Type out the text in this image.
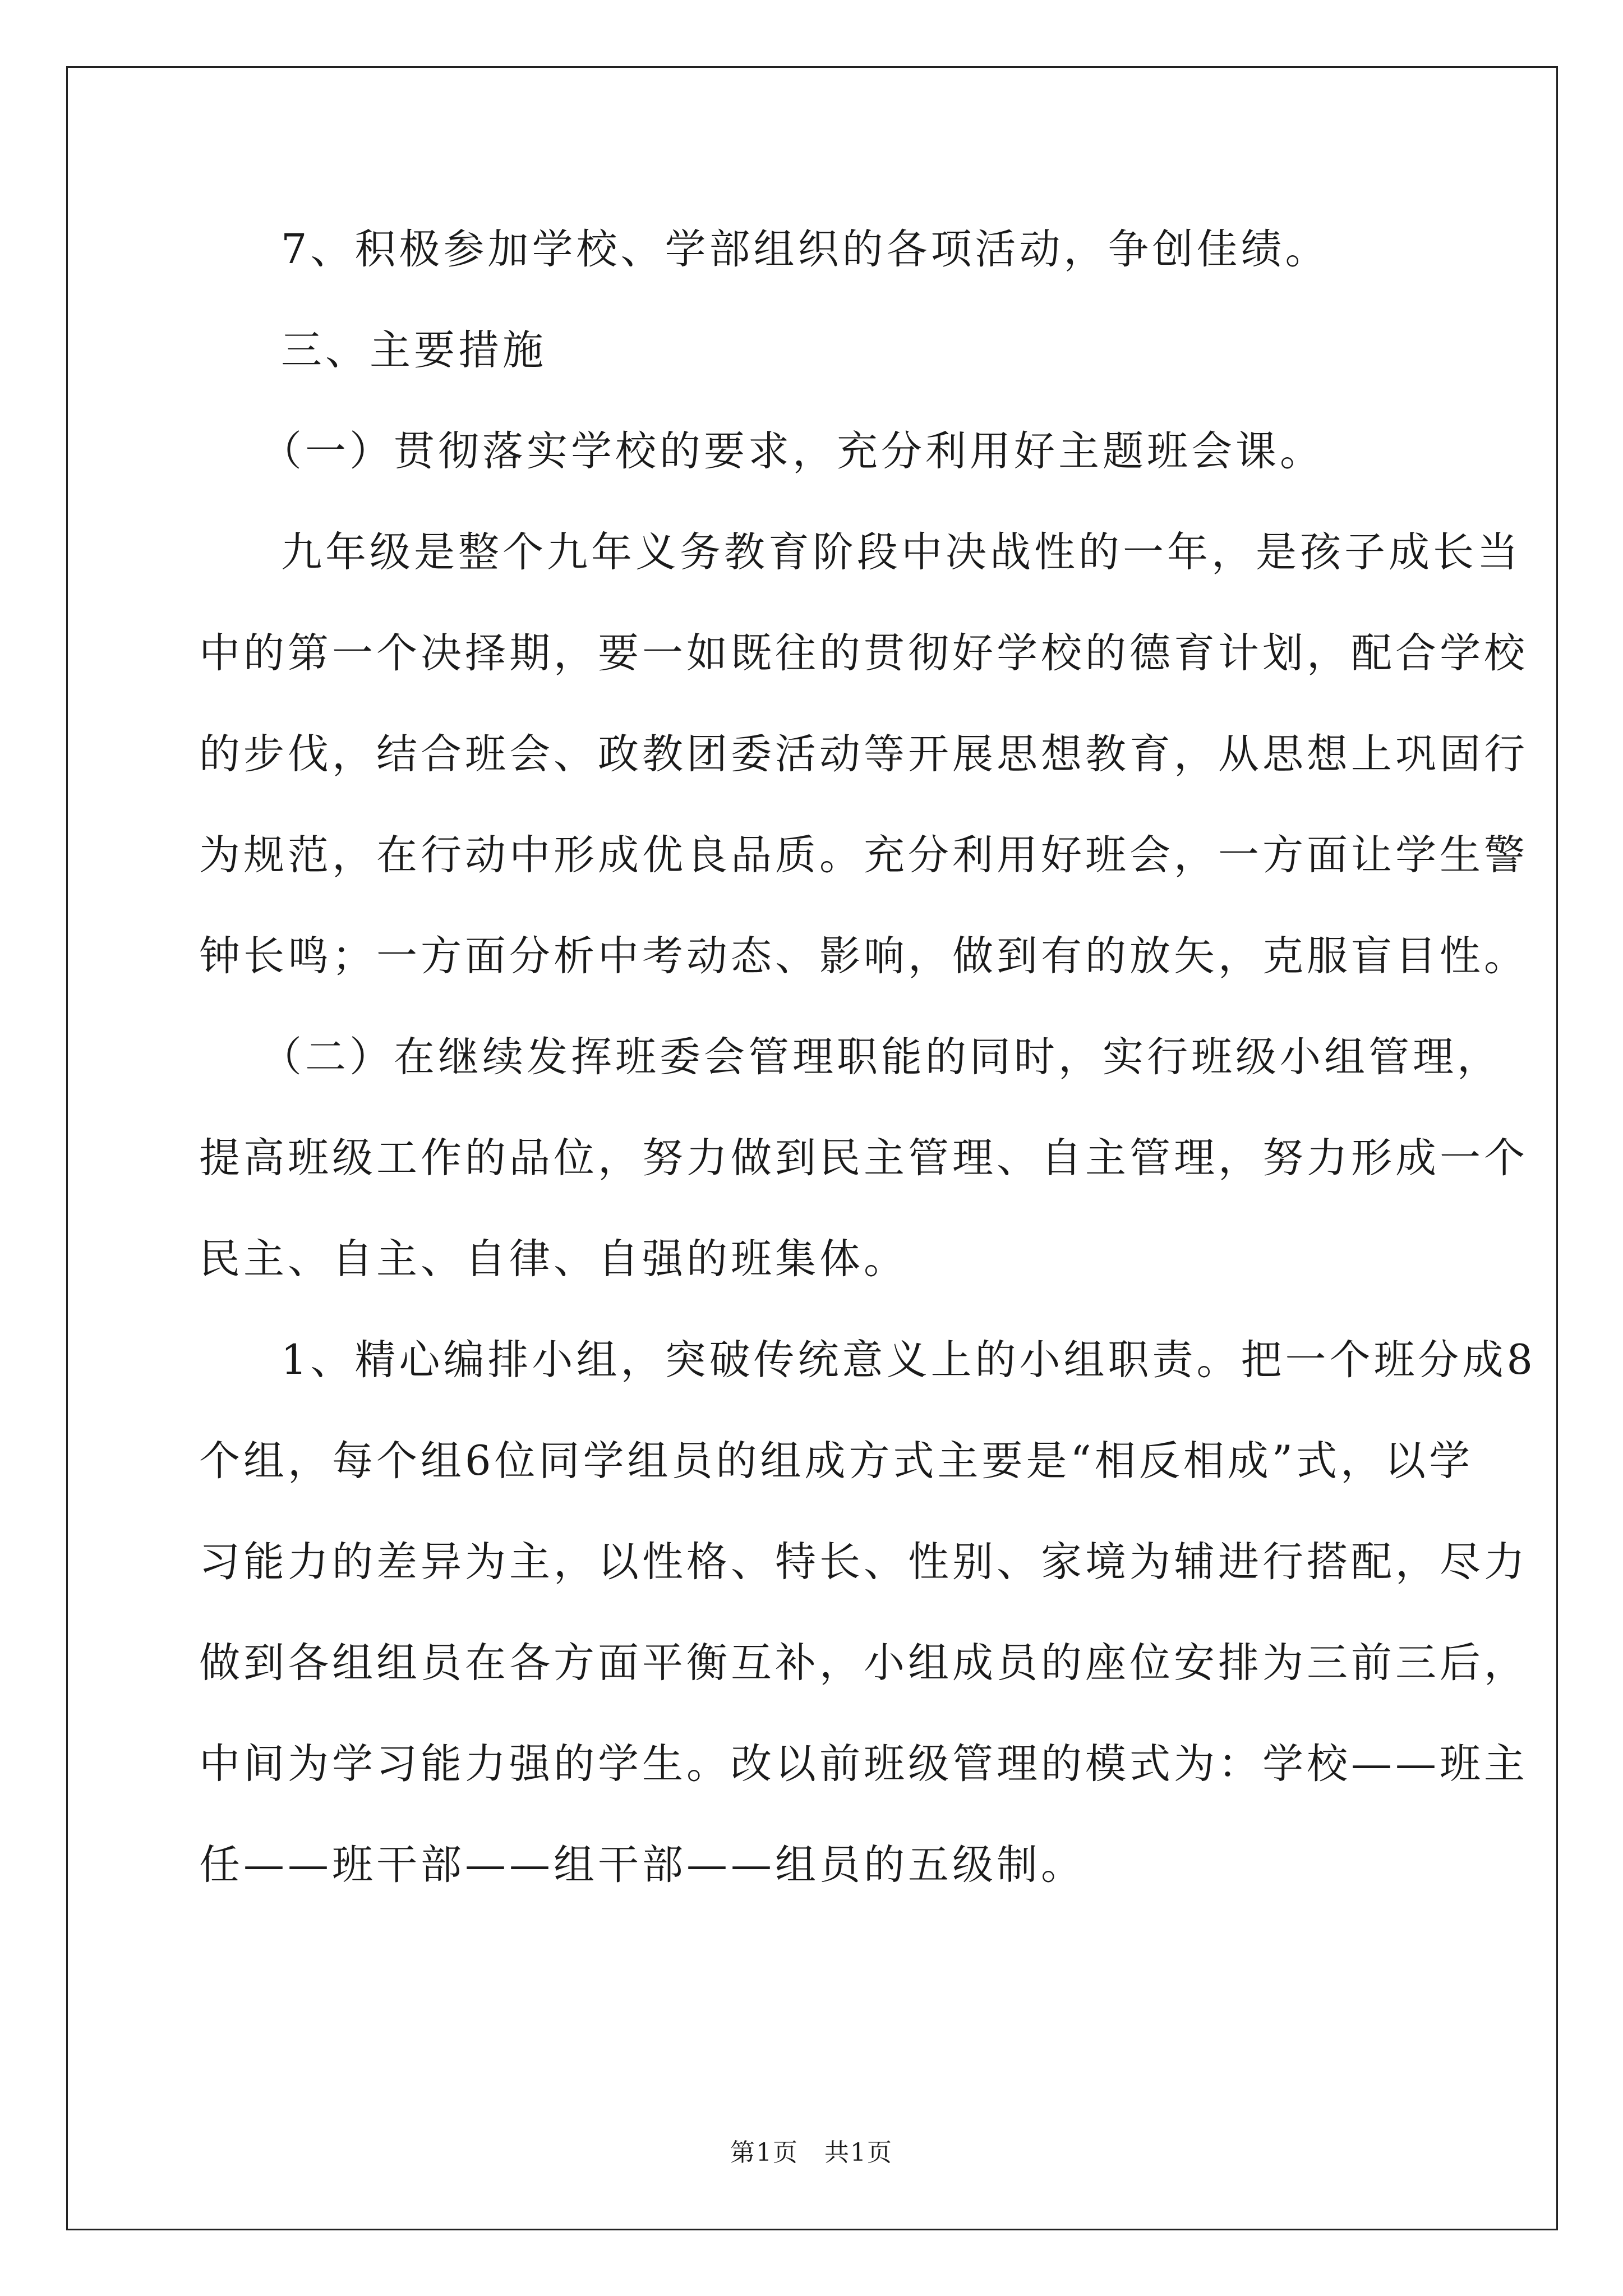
7、积极参加学校、学部组织的各项活动，争创佳绩。
三、主要措施
（一）贯彻落实学校的要求，充分利用好主题班会课。
九年级是整个九年义务教育阶段中决战性的一年，是孩子成长当
中的第一个决择期，要一如既往的贯彻好学校的德育计划，配合学校
的步伐，结合班会、政教团委活动等开展思想教育，从思想上巩固行
为规范，在行动中形成优良品质。充分利用好班会，一方面让学生警
钟长鸣；一方面分析中考动态、影响，做到有的放矢，克服盲目性。
（二）在继续发挥班委会管理职能的同时，实行班级小组管理，
提高班级工作的品位，努力做到民主管理、自主管理，努力形成一个
民主、自主、自律、自强的班集体。
1、精心编排小组，突破传统意义上的小组职责。把一个班分成8
个组，每个组6位同学组员的组成方式主要是“相反相成”式，以学
习能力的差异为主，以性格、特长、性别、家境为辅进行搭配，尽力
做到各组组员在各方面平衡互补，小组成员的座位安排为三前三后，
中间为学习能力强的学生。改以前班级管理的模式为：学校——班主
任——班干部——组干部——组员的五级制。
第1页　共1页
